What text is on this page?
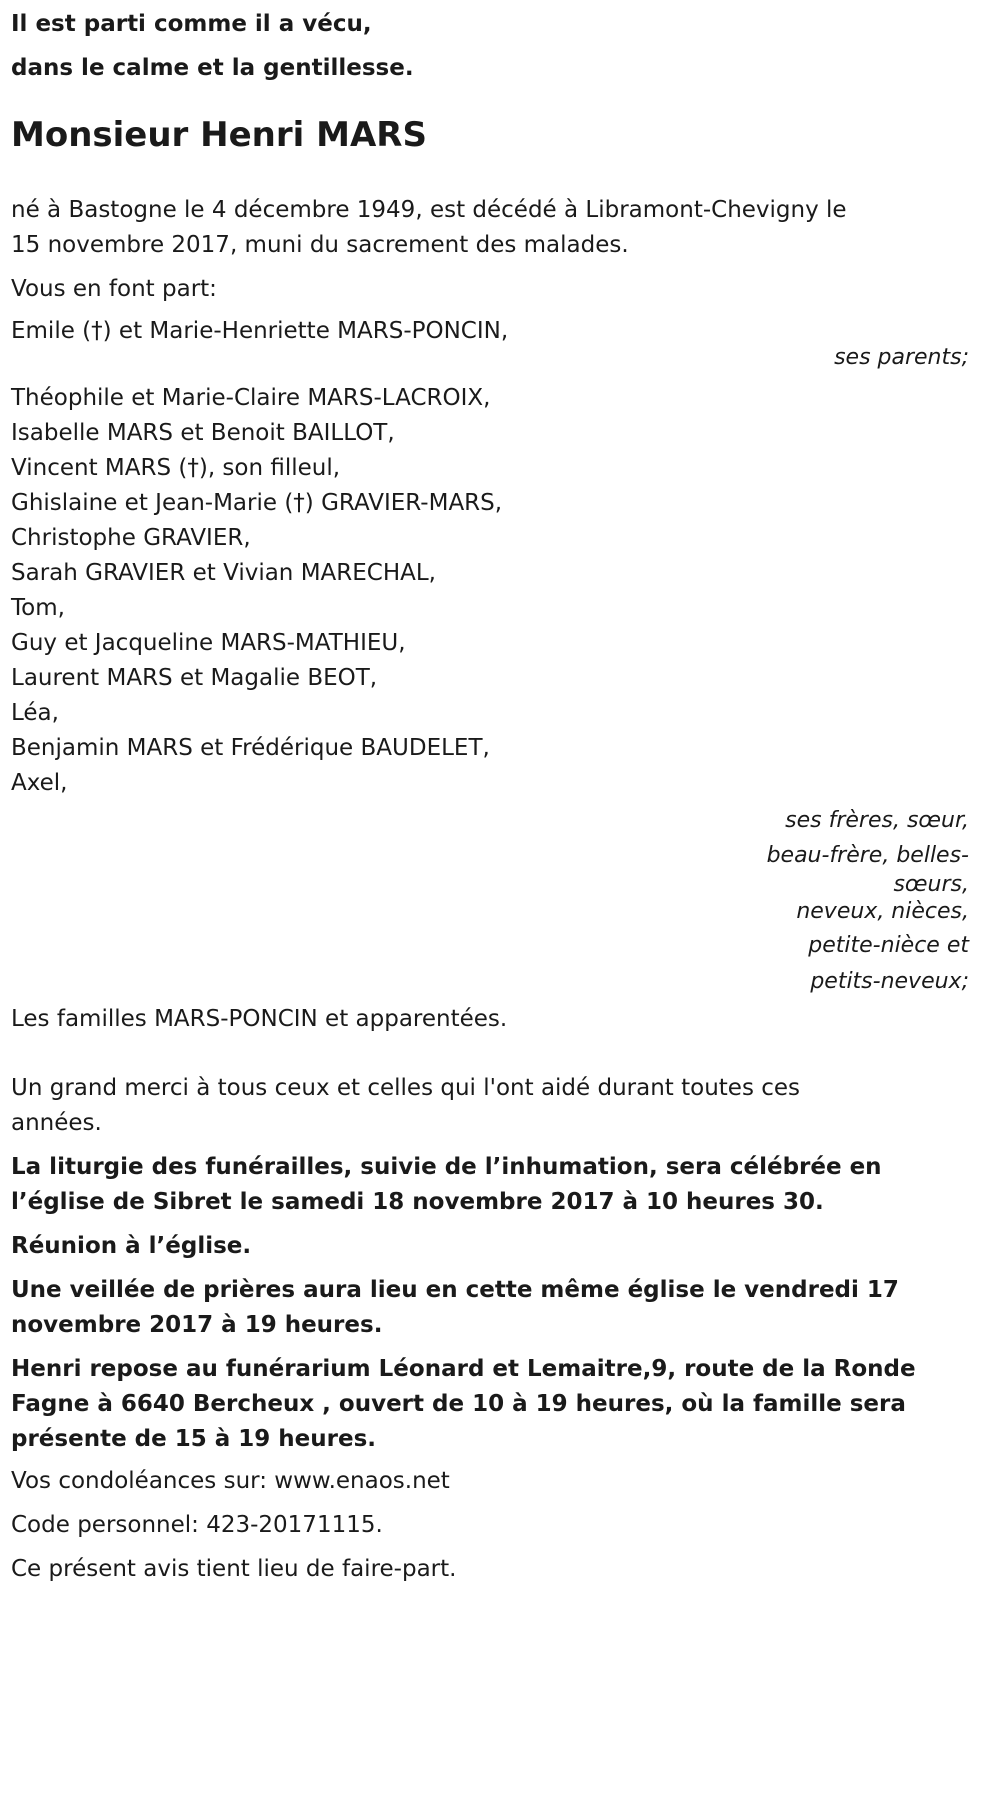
Il est parti comme il a vécu,
dans le calme et la gentillesse.
Monsieur Henri MARS
né à Bastogne le 4 décembre 1949, est décédé à Libramont-Chevigny le
15 novembre 2017, muni du sacrement des malades.
Vous en font part:
Emile (†) et Marie-Henriette MARS-PONCIN,
ses parents;
Théophile et Marie-Claire MARS-LACROIX,
Isabelle MARS et Benoit BAILLOT,
Vincent MARS (†), son filleul,
Ghislaine et Jean-Marie (†) GRAVIER-MARS,
Christophe GRAVIER,
Sarah GRAVIER et Vivian MARECHAL,
Tom,
Guy et Jacqueline MARS-MATHIEU,
Laurent MARS et Magalie BEOT,
Léa,
Benjamin MARS et Frédérique BAUDELET,
Axel,
ses frères, sœur,
beau-frère, belles-
sœurs,
neveux, nièces,
petite-nièce et
petits-neveux;
Les familles MARS-PONCIN et apparentées.
Un grand merci à tous ceux et celles qui l'ont aidé durant toutes ces
années.
La liturgie des funérailles, suivie de l’inhumation, sera célébrée en
l’église de Sibret le samedi 18 novembre 2017 à 10 heures 30.
Réunion à l’église.
Une veillée de prières aura lieu en cette même église le vendredi 17
novembre 2017 à 19 heures.
Henri repose au funérarium Léonard et Lemaitre,9, route de la Ronde
Fagne à 6640 Bercheux , ouvert de 10 à 19 heures, où la famille sera
présente de 15 à 19 heures.
Vos condoléances sur: www.enaos.net
Code personnel: 423-20171115.
Ce présent avis tient lieu de faire-part.
